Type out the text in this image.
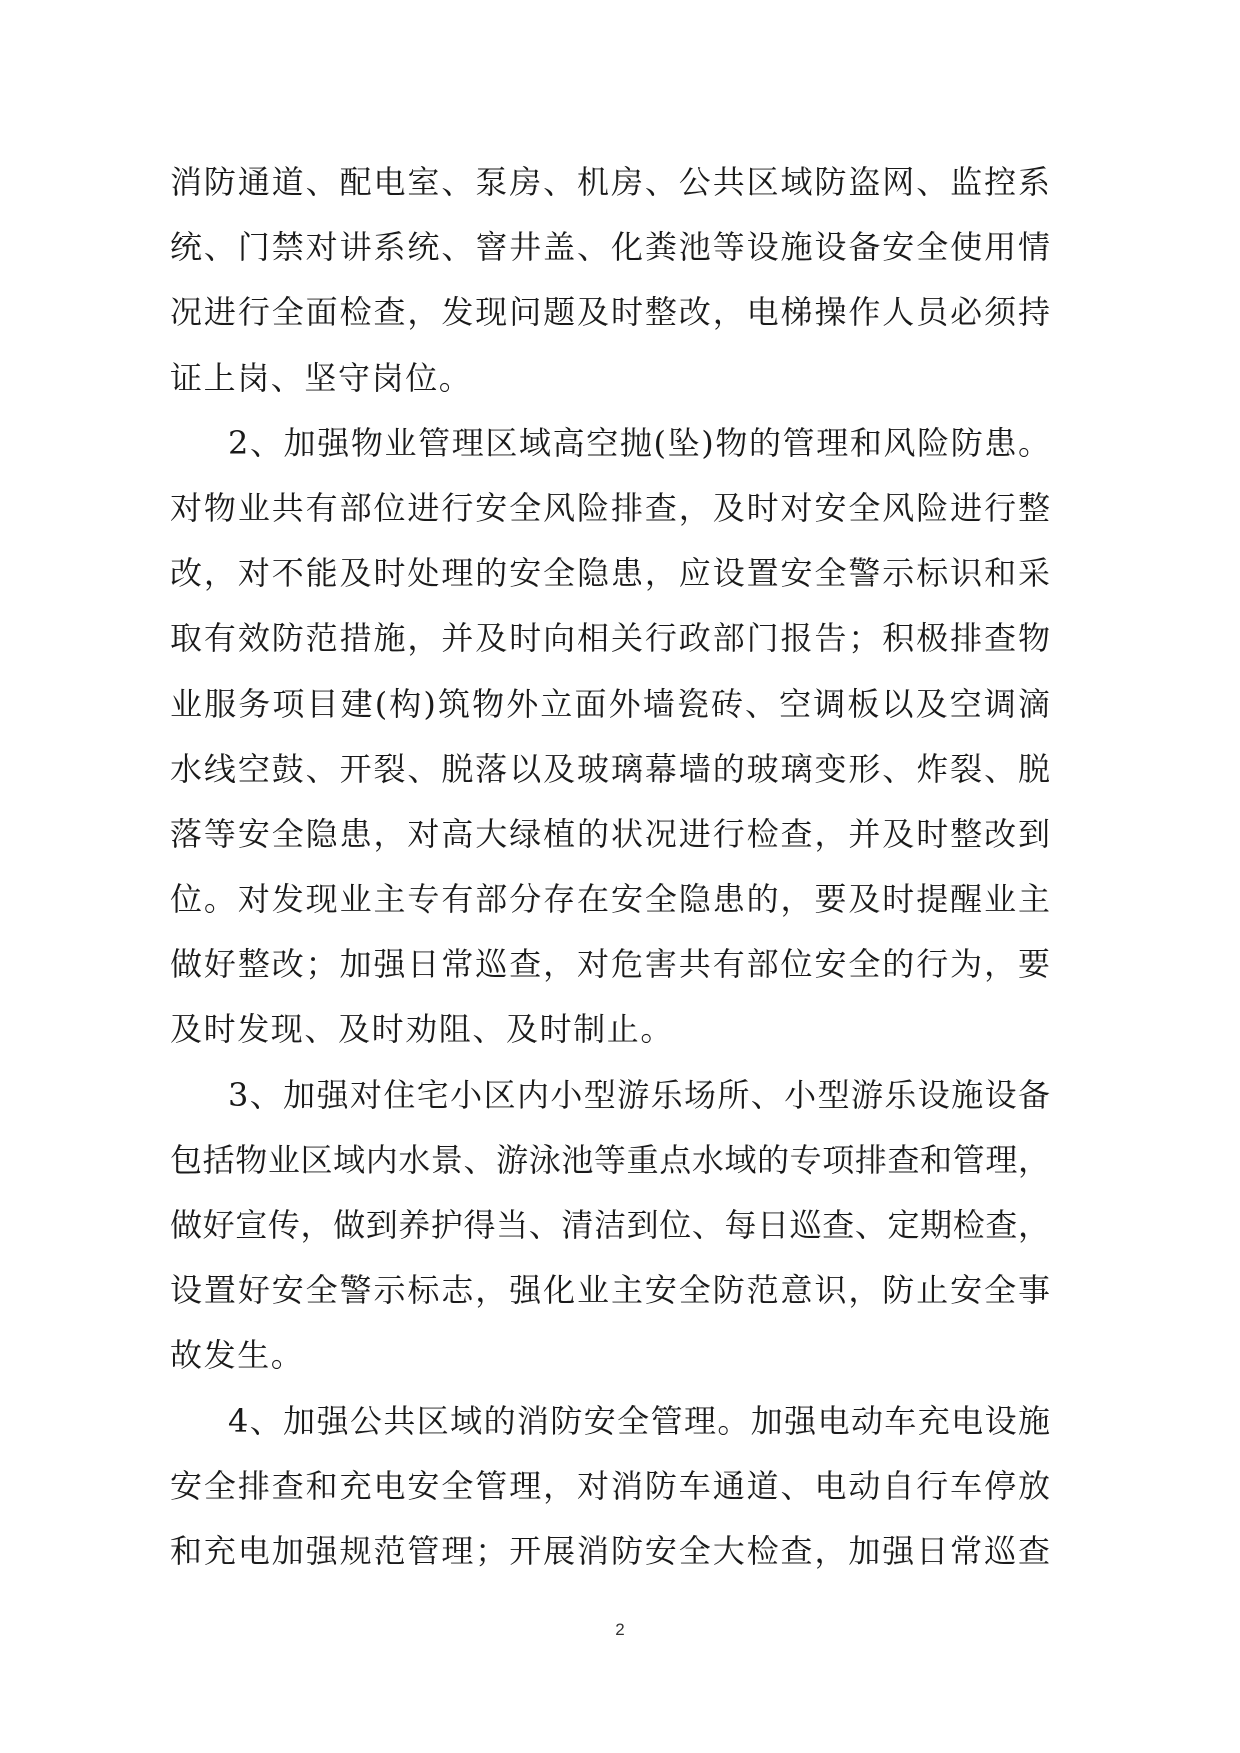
消防通道、配电室、泵房、机房、公共区域防盗网、监控系
统、门禁对讲系统、窨井盖、化粪池等设施设备安全使用情
况进行全面检查，发现问题及时整改，电梯操作人员必须持
证上岗、坚守岗位。
2、加强物业管理区域高空抛(坠)物的管理和风险防患。
对物业共有部位进行安全风险排查，及时对安全风险进行整
改，对不能及时处理的安全隐患，应设置安全警示标识和采
取有效防范措施，并及时向相关行政部门报告；积极排查物
业服务项目建(构)筑物外立面外墙瓷砖、空调板以及空调滴
水线空鼓、开裂、脱落以及玻璃幕墙的玻璃变形、炸裂、脱
落等安全隐患，对高大绿植的状况进行检查，并及时整改到
位。对发现业主专有部分存在安全隐患的，要及时提醒业主
做好整改；加强日常巡查，对危害共有部位安全的行为，要
及时发现、及时劝阻、及时制止。
3、加强对住宅小区内小型游乐场所、小型游乐设施设备
包括物业区域内水景、游泳池等重点水域的专项排查和管理，
做好宣传，做到养护得当、清洁到位、每日巡查、定期检查，
设置好安全警示标志，强化业主安全防范意识，防止安全事
故发生。
4、加强公共区域的消防安全管理。加强电动车充电设施
安全排查和充电安全管理，对消防车通道、电动自行车停放
和充电加强规范管理；开展消防安全大检查，加强日常巡查
2
